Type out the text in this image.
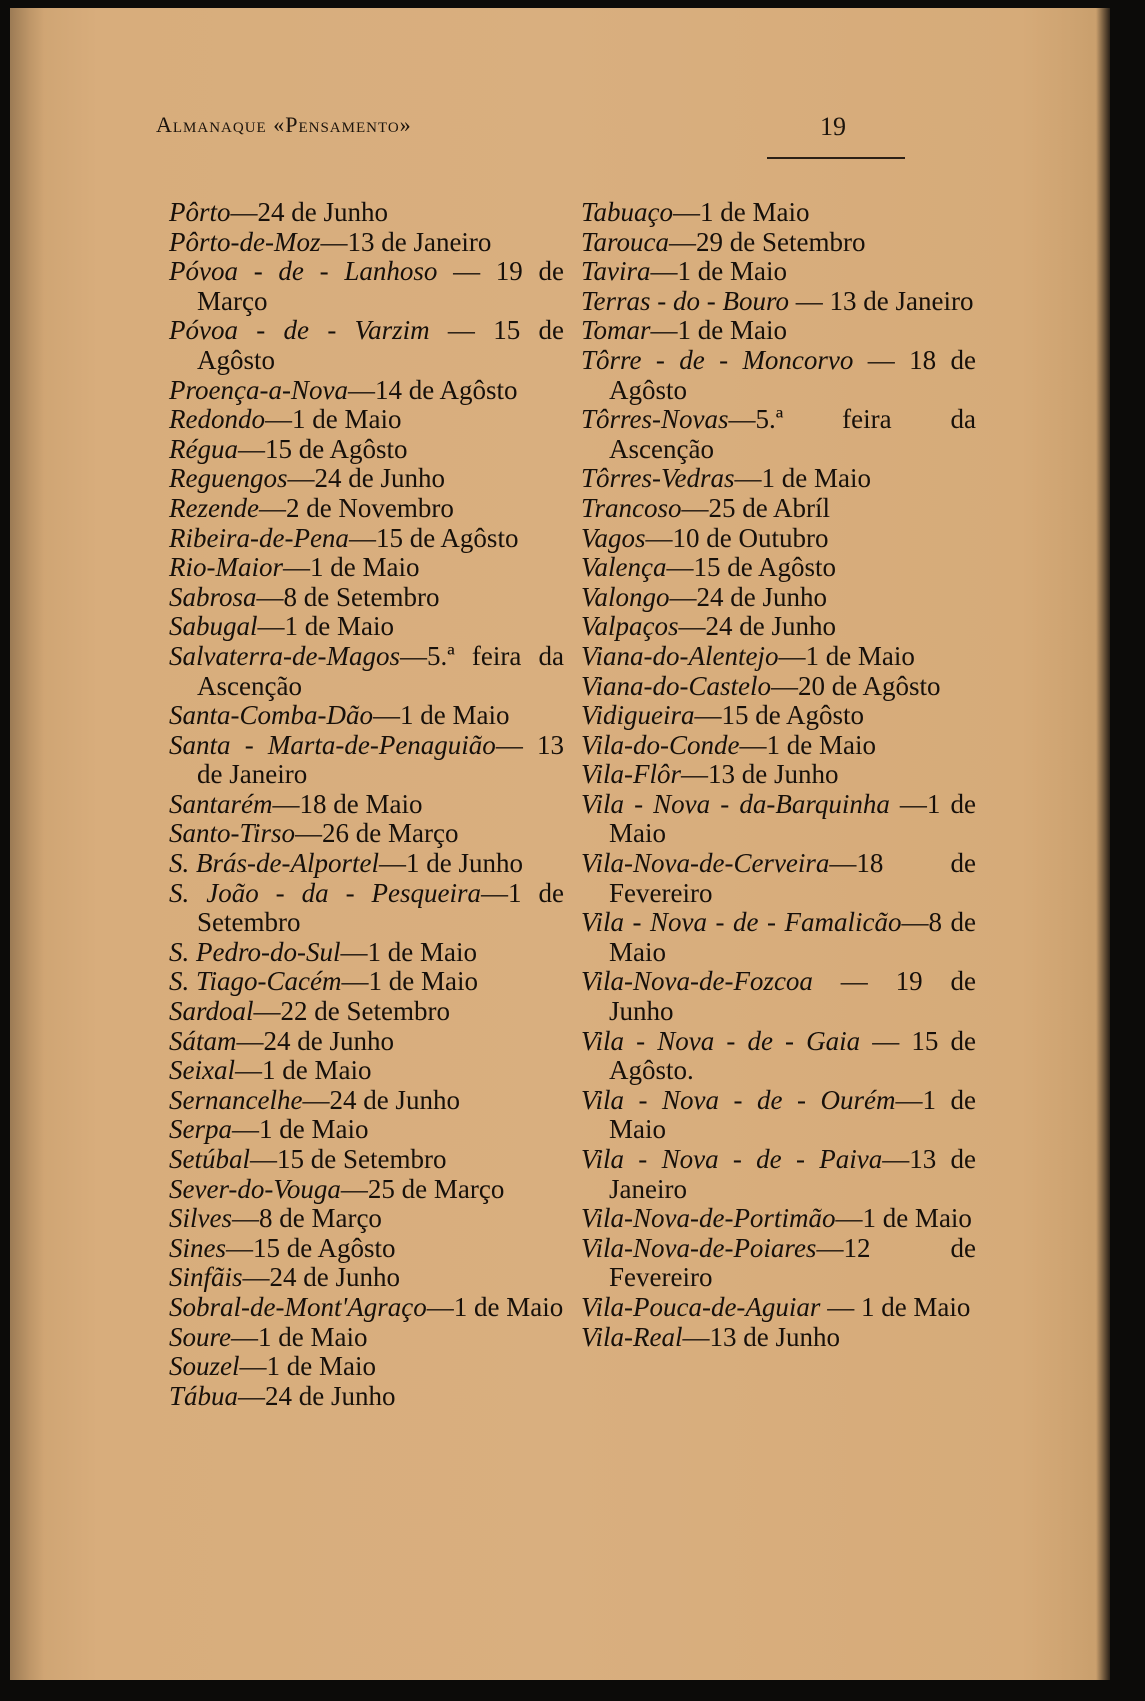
Almanaque «Pensamento»	19

Pôrto—24 de Junho

Pôrto-de-Moz—13 de Janeiro

Póvoa - de - Lanhoso — 19 de Março

Póvoa - de - Varzim — 15 de Agôsto

Proença-a-Nova—14 de Agôsto

Redondo—1 de Maio

Régua—15 de Agôsto

Reguengos—24 de Junho

Rezende—2 de Novembro

Ribeira-de-Pena—15 de Agôsto

Rio-Maior—1 de Maio

Sabrosa—8 de Setembro

Sabugal—1 de Maio

Salvaterra-de-Magos—5.ª feira da Ascenção

Santa-Comba-Dão—1 de Maio

Santa - Marta-de-Penaguião— 13 de Janeiro

Santarém—18 de Maio

Santo-Tirso—26 de Março

S. Brás-de-Alportel—1 de Junho

S. João - da - Pesqueira—1 de Setembro

S. Pedro-do-Sul—1 de Maio

S. Tiago-Cacém—1 de Maio

Sardoal—22 de Setembro

Sátam—24 de Junho

Seixal—1 de Maio

Sernancelhe—24 de Junho

Serpa—1 de Maio

Setúbal—15 de Setembro

Sever-do-Vouga—25 de Março

Silves—8 de Março

Sines—15 de Agôsto

Sinfãis—24 de Junho

Sobral-de-Mont'Agraço—1 de Maio

Soure—1 de Maio

Souzel—1 de Maio

Tábua—24 de Junho

Tabuaço—1 de Maio

Tarouca—29 de Setembro

Tavira—1 de Maio

Terras - do - Bouro — 13 de Janeiro

Tomar—1 de Maio

Tôrre - de - Moncorvo — 18 de Agôsto

Tôrres-Novas—5.ª feira da Ascenção

Tôrres-Vedras—1 de Maio

Trancoso—25 de Abríl

Vagos—10 de Outubro

Valença—15 de Agôsto

Valongo—24 de Junho

Valpaços—24 de Junho

Viana-do-Alentejo—1 de Maio

Viana-do-Castelo—20 de Agôsto

Vidigueira—15 de Agôsto

Vila-do-Conde—1 de Maio

Vila-Flôr—13 de Junho

Vila - Nova - da-Barquinha —1 de Maio

Vila-Nova-de-Cerveira—18 de Fevereiro

Vila - Nova - de - Famalicão—8 de Maio

Vila-Nova-de-Fozcoa — 19 de Junho

Vila - Nova - de - Gaia — 15 de Agôsto.

Vila - Nova - de - Ourém—1 de Maio

Vila - Nova - de - Paiva—13 de Janeiro

Vila-Nova-de-Portimão—1 de Maio

Vila-Nova-de-Poiares—12 de Fevereiro

Vila-Pouca-de-Aguiar — 1 de Maio

Vila-Real—13 de Junho
